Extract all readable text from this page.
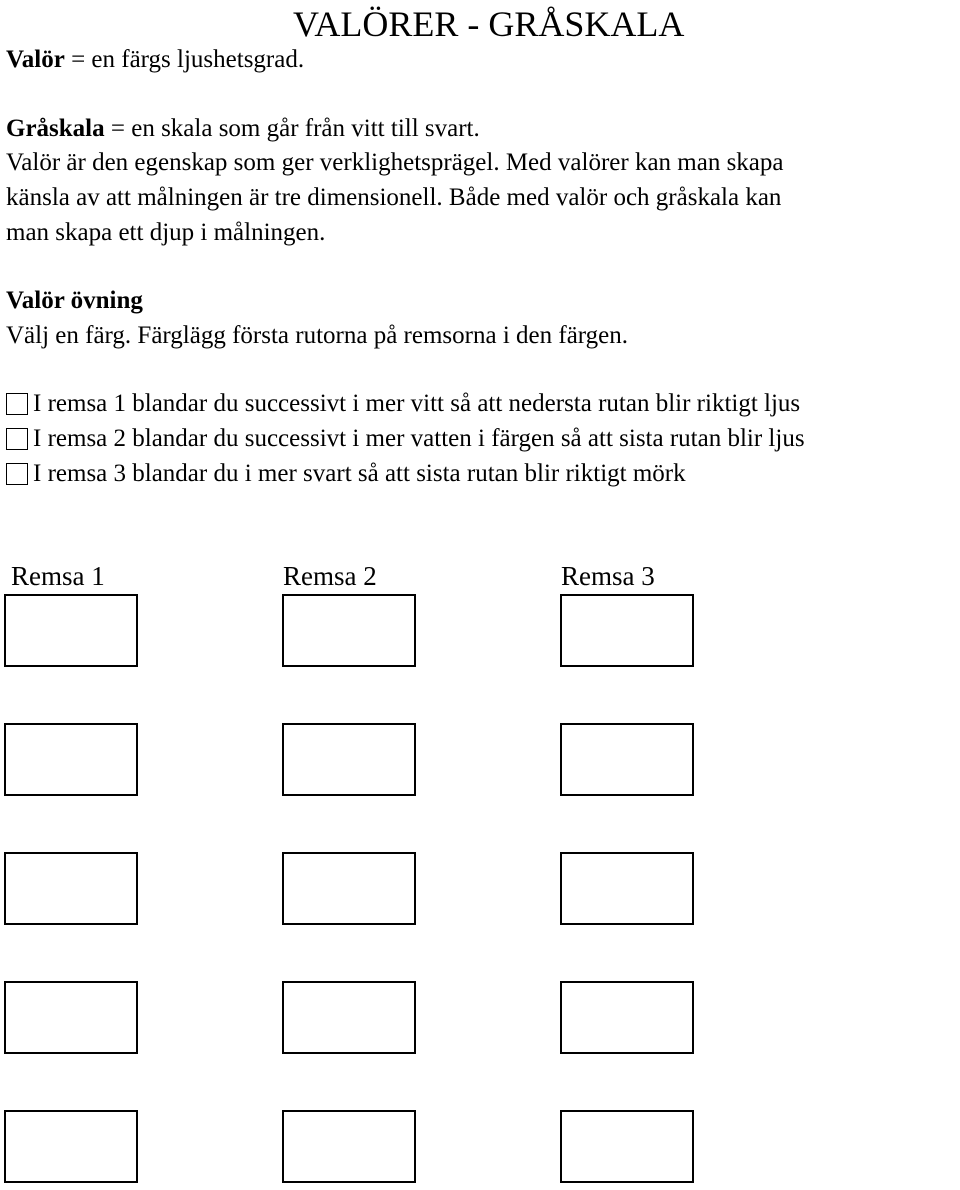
VALÖRER - GRÅSKALA
Valör = en färgs ljushetsgrad.
Gråskala = en skala som går från vitt till svart.
Valör är den egenskap som ger verklighetsprägel. Med valörer kan man skapa
känsla av att målningen är tre dimensionell. Både med valör och gråskala kan
man skapa ett djup i målningen.
Valör övning
Välj en färg. Färglägg första rutorna på remsorna i den färgen.
I remsa 1 blandar du successivt i mer vitt så att nedersta rutan blir riktigt ljus
I remsa 2 blandar du successivt i mer vatten i färgen så att sista rutan blir ljus
I remsa 3 blandar du i mer svart så att sista rutan blir riktigt mörk
Remsa 1	Remsa 2	Remsa 3
